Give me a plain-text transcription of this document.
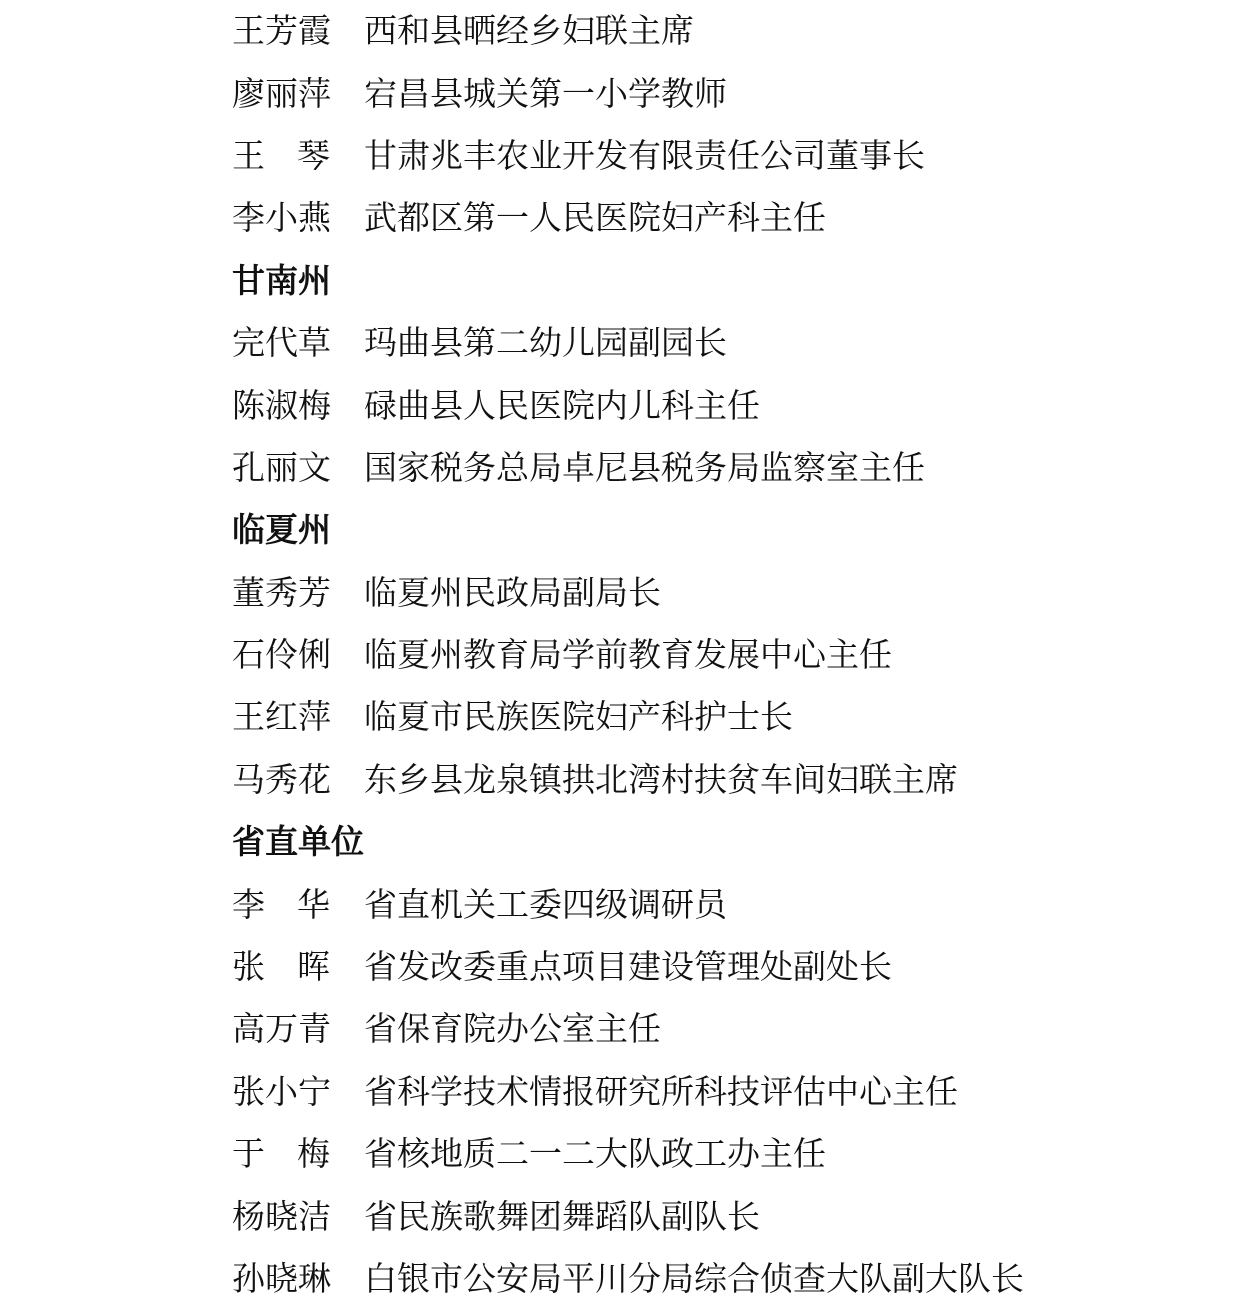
王芳霞	西和县晒经乡妇联主席
廖丽萍	宕昌县城关第一小学教师
王琴 甘肃兆丰农业开发有限责任公司董事长
李小燕	武都区第一人民医院妇产科主任
甘南州
完代草	玛曲县第二幼儿园副园长
陈淑梅	碌曲县人民医院内儿科主任
孔丽文	国家税务总局卓尼县税务局监察室主任
临夏州
董秀芳	临夏州民政局副局长
石伶俐	临夏州教育局学前教育发展中心主任
王红萍	临夏市民族医院妇产科护士长
马秀花	东乡县龙泉镇拱北湾村扶贫车间妇联主席
省直单位
李华 省直机关工委四级调研员
张晖 省发改委重点项目建设管理处副处长
高万青	省保育院办公室主任
张小宁	省科学技术情报研究所科技评估中心主任
于梅 省核地质二一二大队政工办主任
杨晓洁	省民族歌舞团舞蹈队副队长
孙晓琳	白银市公安局平川分局综合侦查大队副大队长
